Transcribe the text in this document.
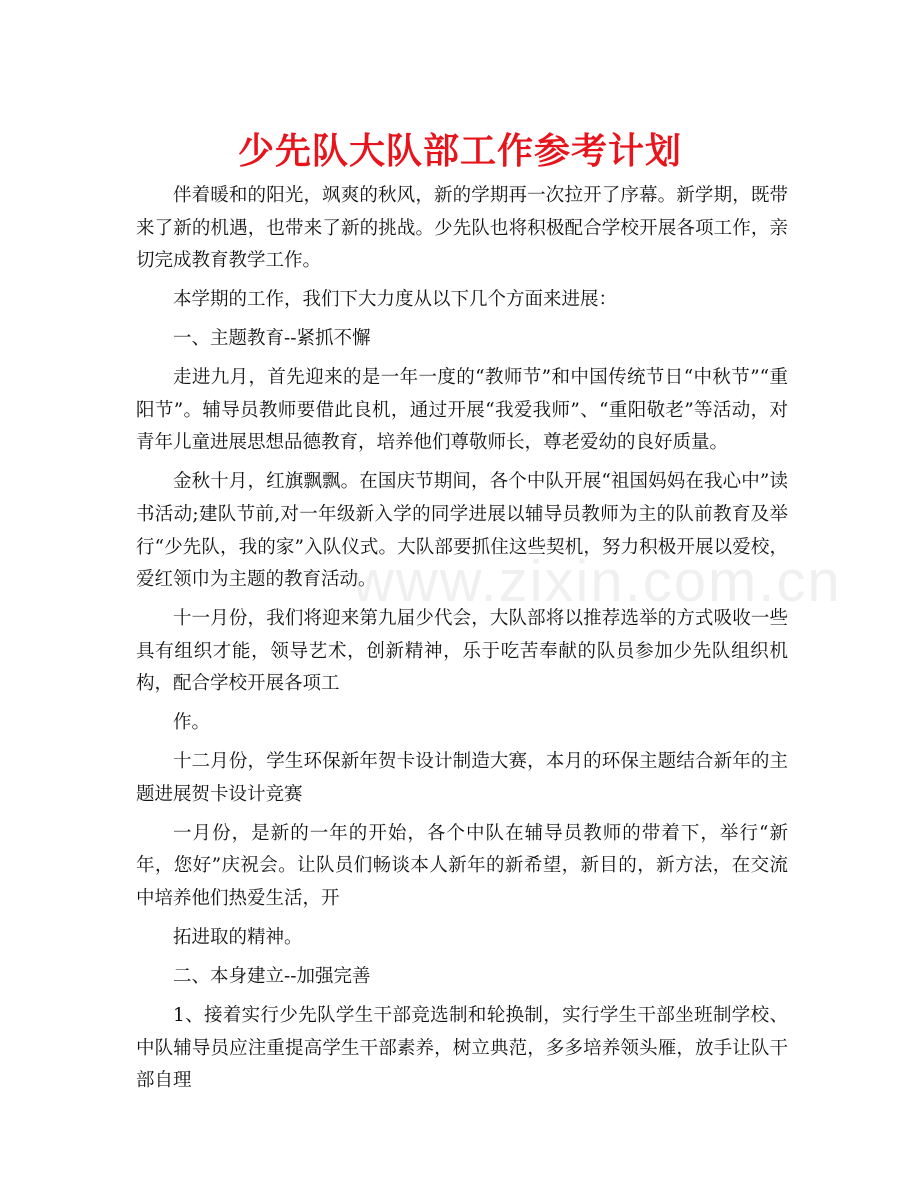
少先队大队部工作参考计划

伴着暖和的阳光，飒爽的秋风，新的学期再一次拉开了序幕。新学期，既带来了新的机遇，也带来了新的挑战。少先队也将积极配合学校开展各项工作，亲切完成教育教学工作。

本学期的工作，我们下大力度从以下几个方面来进展：

一、主题教育--紧抓不懈

走进九月，首先迎来的是一年一度的“教师节”和中国传统节日“中秋节”“重阳节”。辅导员教师要借此良机，通过开展“我爱我师”、“重阳敬老”等活动，对青年儿童进展思想品德教育，培养他们尊敬师长，尊老爱幼的良好质量。

金秋十月，红旗飘飘。在国庆节期间，各个中队开展“祖国妈妈在我心中”读书活动;建队节前,对一年级新入学的同学进展以辅导员教师为主的队前教育及举行“少先队，我的家”入队仪式。大队部要抓住这些契机，努力积极开展以爱校，爱红领巾为主题的教育活动。

十一月份，我们将迎来第九届少代会，大队部将以推荐选举的方式吸收一些具有组织才能，领导艺术，创新精神，乐于吃苦奉献的队员参加少先队组织机构，配合学校开展各项工

作。

十二月份，学生环保新年贺卡设计制造大赛，本月的环保主题结合新年的主题进展贺卡设计竞赛

一月份，是新的一年的开始，各个中队在辅导员教师的带着下，举行“新年，您好”庆祝会。让队员们畅谈本人新年的新希望，新目的，新方法，在交流中培养他们热爱生活，开

拓进取的精神。

二、本身建立--加强完善

1、接着实行少先队学生干部竞选制和轮换制，实行学生干部坐班制学校、中队辅导员应注重提高学生干部素养，树立典范，多多培养领头雁，放手让队干部自理

www.zixin.com.cn
